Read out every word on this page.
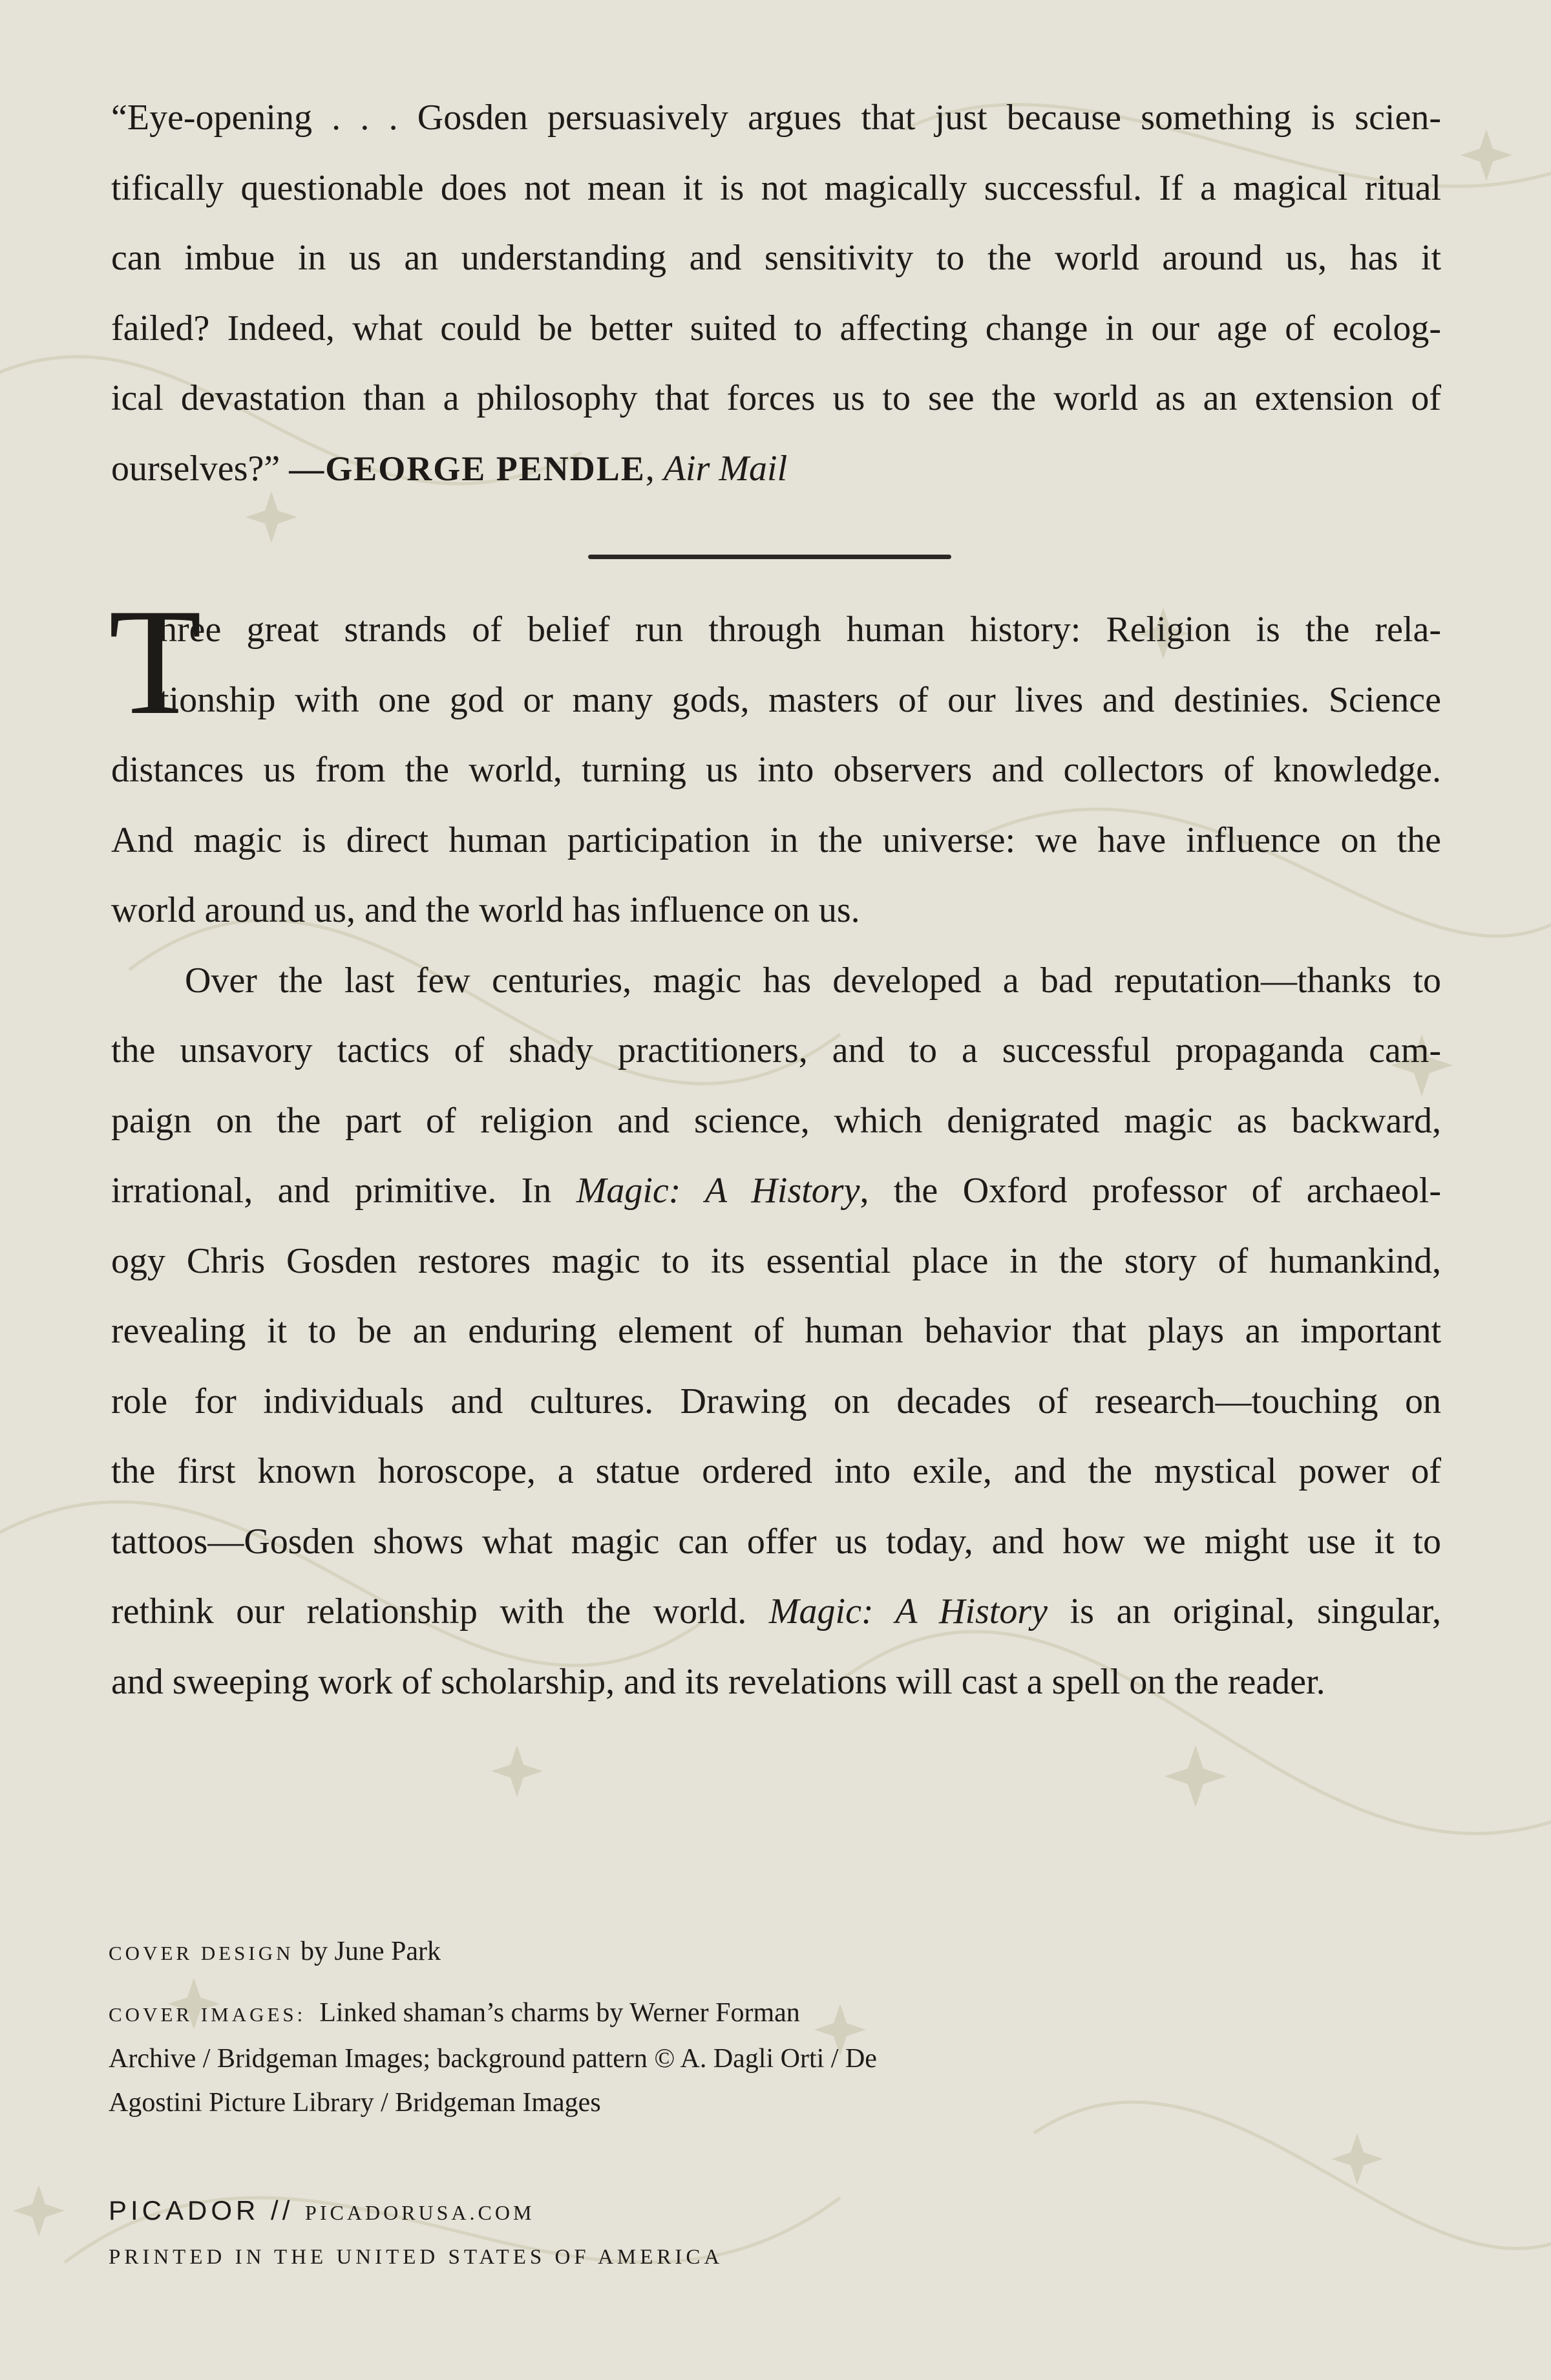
“Eye-opening . . . Gosden persuasively argues that just because something is scien-
tifically questionable does not mean it is not magically successful. If a magical ritual
can imbue in us an understanding and sensitivity to the world around us, has it
failed? Indeed, what could be better suited to affecting change in our age of ecolog-
ical devastation than a philosophy that forces us to see the world as an extension of
ourselves?” —GEORGE PENDLE, Air Mail
T
hree great strands of belief run through human history: Religion is the rela-
tionship with one god or many gods, masters of our lives and destinies. Science
distances us from the world, turning us into observers and collectors of knowledge.
And magic is direct human participation in the universe: we have influence on the
world around us, and the world has influence on us.
Over the last few centuries, magic has developed a bad reputation—thanks to
the unsavory tactics of shady practitioners, and to a successful propaganda cam-
paign on the part of religion and science, which denigrated magic as backward,
irrational, and primitive. In Magic: A History, the Oxford professor of archaeol-
ogy Chris Gosden restores magic to its essential place in the story of humankind,
revealing it to be an enduring element of human behavior that plays an important
role for individuals and cultures. Drawing on decades of research—touching on
the first known horoscope, a statue ordered into exile, and the mystical power of
tattoos—Gosden shows what magic can offer us today, and how we might use it to
rethink our relationship with the world. Magic: A History is an original, singular,
and sweeping work of scholarship, and its revelations will cast a spell on the reader.
COVER DESIGN by June Park
COVER IMAGES: Linked shaman’s charms by Werner Forman Archive / Bridgeman Images; background pattern © A. Dagli Orti / De Agostini Picture Library / Bridgeman Images
PICADOR // PICADORUSA.COM
PRINTED IN THE UNITED STATES OF AMERICA
